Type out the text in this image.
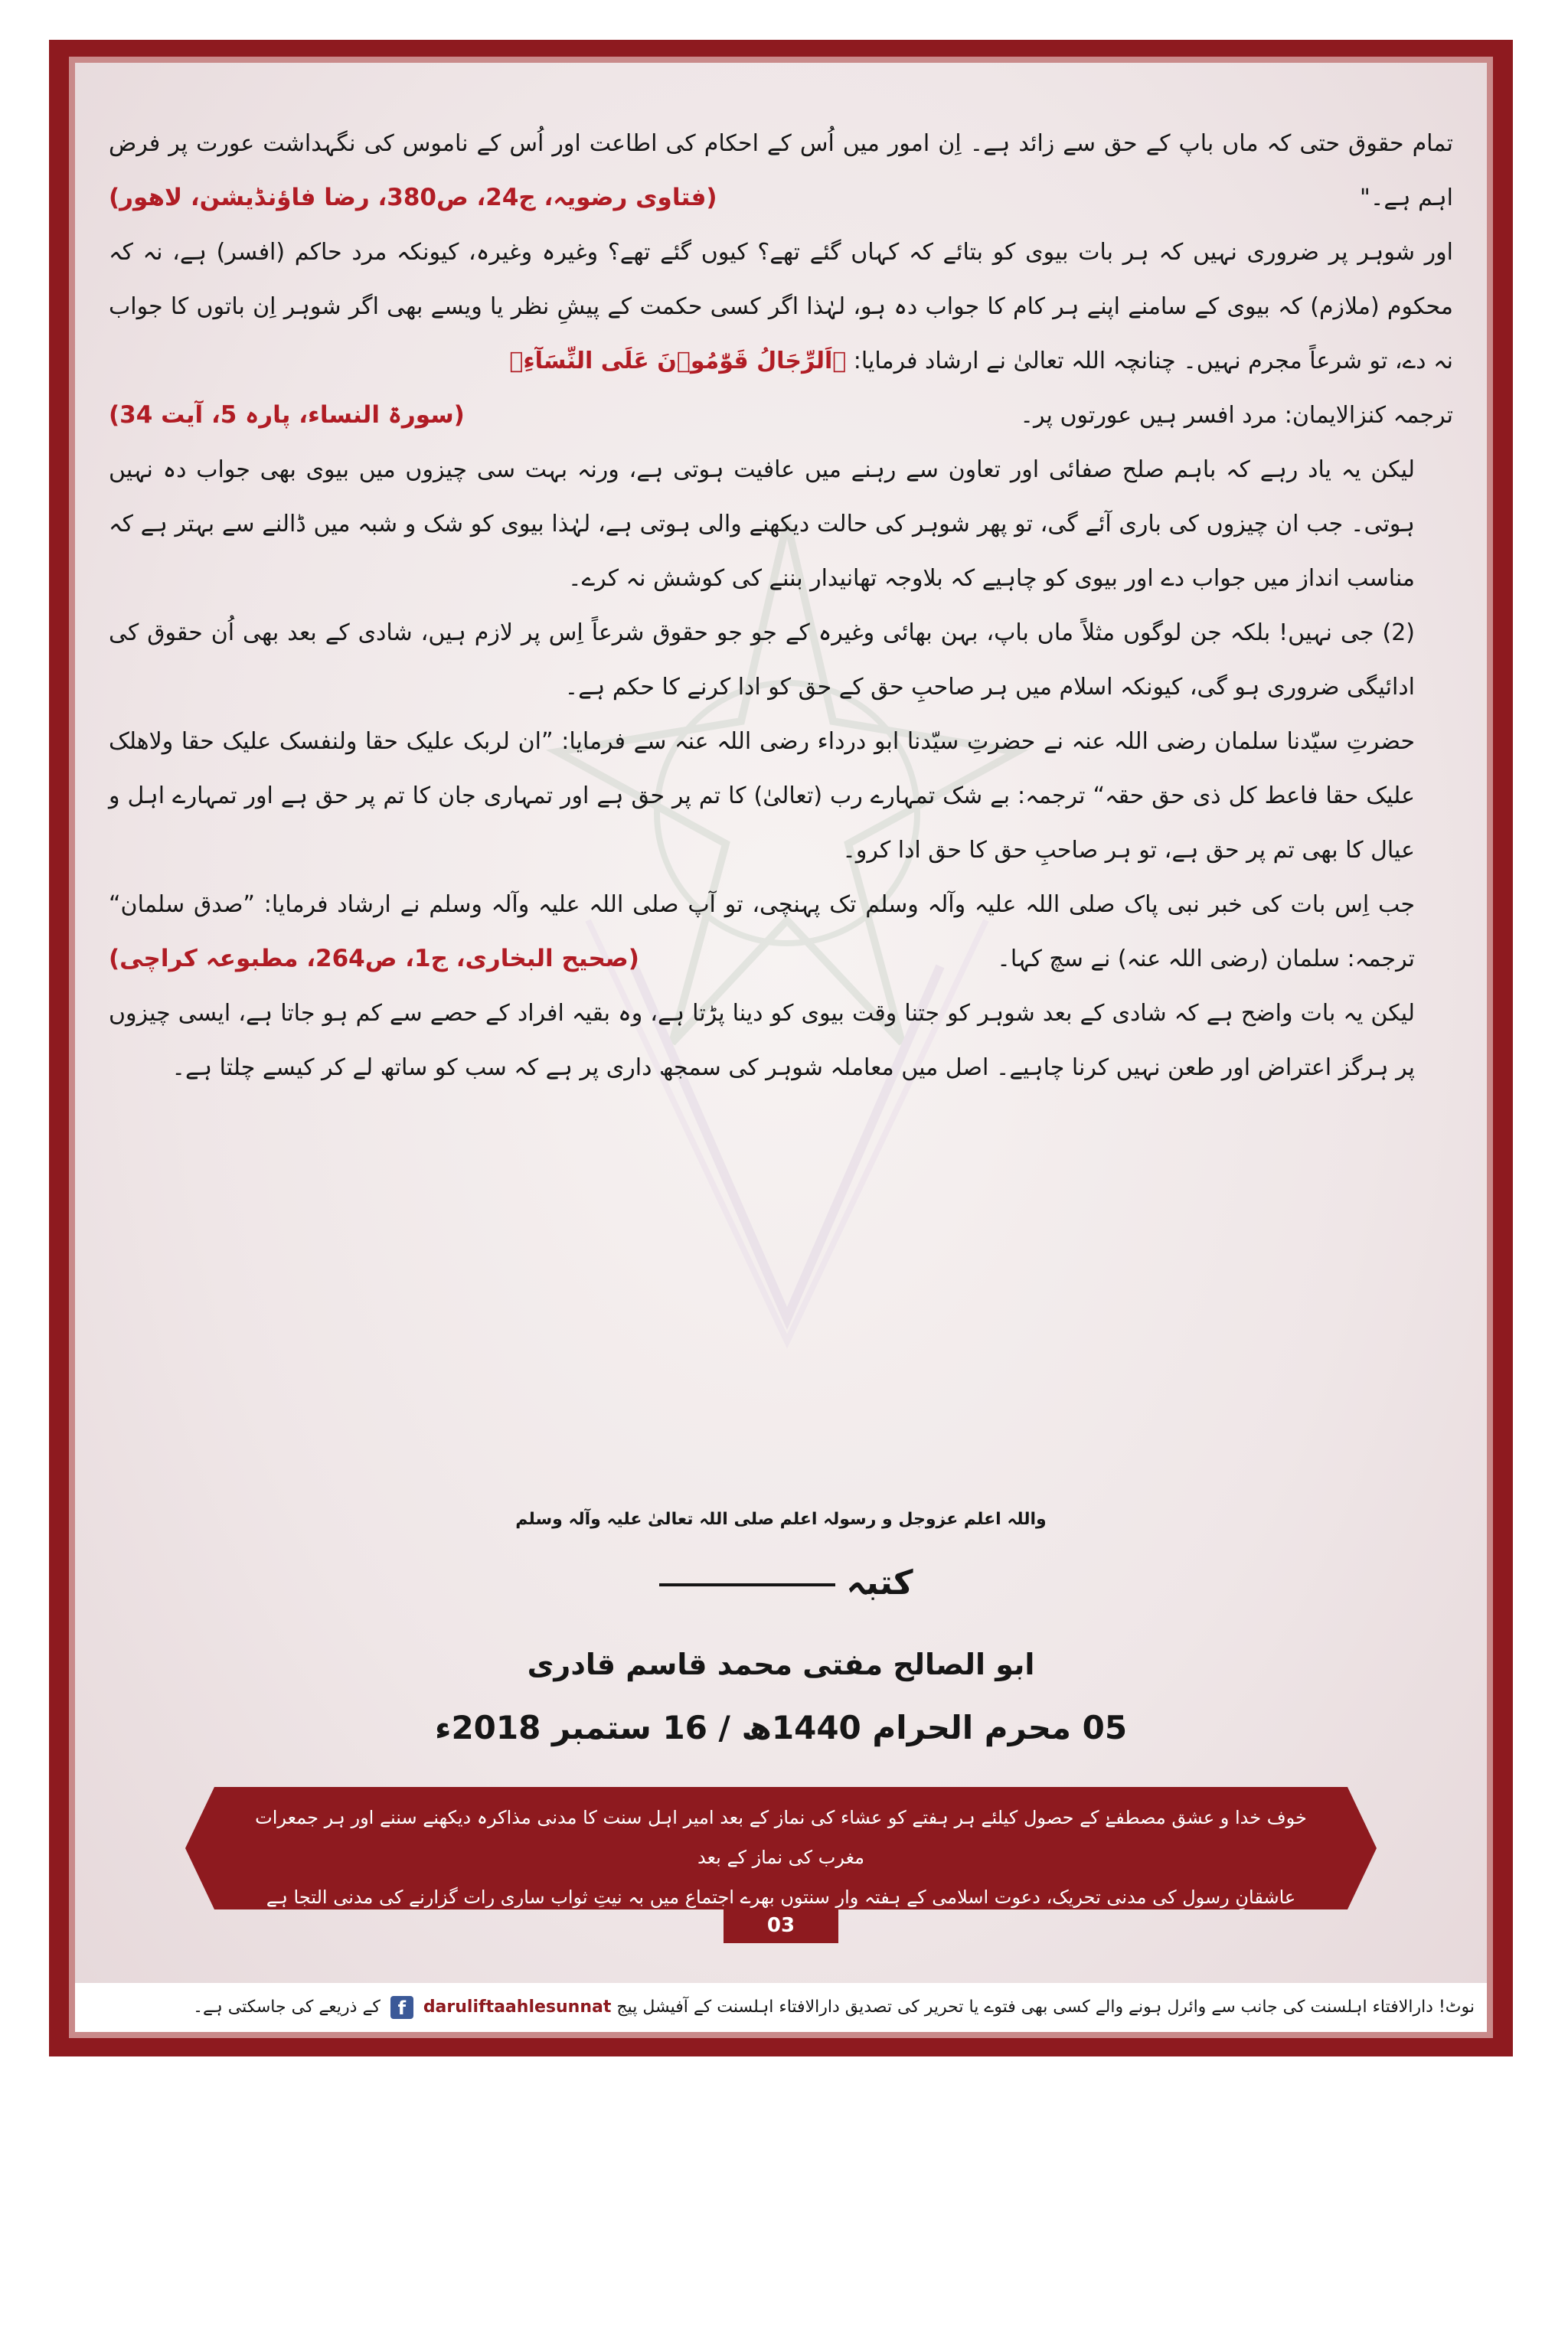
تمام حقوق حتی کہ ماں باپ کے حق سے زائد ہے۔ اِن امور میں اُس کے احکام کی اطاعت اور اُس کے ناموس کی نگہداشت عورت پر فرض اہم ہے۔"
(فتاوی رضویہ، ج24، ص380، رضا فاؤنڈیشن، لاھور)

اور شوہر پر ضروری نہیں کہ ہر بات بیوی کو بتائے کہ کہاں گئے تھے؟ کیوں گئے تھے؟ وغیرہ وغیرہ، کیونکہ مرد حاکم (افسر) ہے، نہ کہ محکوم (ملازم) کہ بیوی کے سامنے اپنے ہر کام کا جواب دہ ہو، لہٰذا اگر کسی حکمت کے پیشِ نظر یا ویسے بھی اگر شوہر اِن باتوں کا جواب نہ دے، تو شرعاً مجرم نہیں۔ چنانچہ اللہ تعالیٰ نے ارشاد فرمایا: ﴿اَلرِّجَالُ قَوّٰمُوۡنَ عَلَی النِّسَآءِ﴾

ترجمہ کنزالایمان: مرد افسر ہیں عورتوں پر۔
(سورۃ النساء، پارہ 5، آیت 34)

لیکن یہ یاد رہے کہ باہم صلح صفائی اور تعاون سے رہنے میں عافیت ہوتی ہے، ورنہ بہت سی چیزوں میں بیوی بھی جواب دہ نہیں ہوتی۔ جب ان چیزوں کی باری آئے گی، تو پھر شوہر کی حالت دیکھنے والی ہوتی ہے، لہٰذا بیوی کو شک و شبہ میں ڈالنے سے بہتر ہے کہ مناسب انداز میں جواب دے اور بیوی کو چاہیے کہ بلاوجہ تھانیدار بننے کی کوشش نہ کرے۔

(2) جی نہیں! بلکہ جن لوگوں مثلاً ماں باپ، بہن بھائی وغیرہ کے جو جو حقوق شرعاً اِس پر لازم ہیں، شادی کے بعد بھی اُن حقوق کی ادائیگی ضروری ہو گی، کیونکہ اسلام میں ہر صاحبِ حق کے حق کو ادا کرنے کا حکم ہے۔

حضرتِ سیّدنا سلمان رضی اللہ عنہ نے حضرتِ سیّدنا ابو درداء رضی اللہ عنہ سے فرمایا: ”ان لربک علیک حقا ولنفسک علیک حقا ولاھلک علیک حقا فاعط کل ذی حق حقہ“ ترجمہ: بے شک تمہارے رب (تعالیٰ) کا تم پر حق ہے اور تمہاری جان کا تم پر حق ہے اور تمہارے اہل و عیال کا بھی تم پر حق ہے، تو ہر صاحبِ حق کا حق ادا کرو۔

جب اِس بات کی خبر نبی پاک صلی اللہ علیہ وآلہ وسلم تک پہنچی، تو آپ صلی اللہ علیہ وآلہ وسلم نے ارشاد فرمایا: ”صدق سلمان“ ترجمہ: سلمان (رضی اللہ عنہ) نے سچ کہا۔
(صحیح البخاری، ج1، ص264، مطبوعہ کراچی)

لیکن یہ بات واضح ہے کہ شادی کے بعد شوہر کو جتنا وقت بیوی کو دینا پڑتا ہے، وہ بقیہ افراد کے حصے سے کم ہو جاتا ہے، ایسی چیزوں پر ہرگز اعتراض اور طعن نہیں کرنا چاہیے۔ اصل میں معاملہ شوہر کی سمجھ داری پر ہے کہ سب کو ساتھ لے کر کیسے چلتا ہے۔

واللہ اعلم عزوجل و رسولہ اعلم صلی اللہ تعالیٰ علیہ وآلہ وسلم
کتبہ
ابو الصالح مفتی محمد قاسم قادری
05 محرم الحرام 1440ھ / 16 ستمبر 2018ء
خوف خدا و عشق مصطفےٰ کے حصول کیلئے ہر ہفتے کو عشاء کی نماز کے بعد امیر اہل سنت کا مدنی مذاکرہ دیکھنے سننے اور ہر جمعرات مغرب کی نماز کے بعد
عاشقانِ رسول کی مدنی تحریک، دعوت اسلامی کے ہفتہ وار سنتوں بھرے اجتماع میں بہ نیتِ ثواب ساری رات گزارنے کی مدنی التجا ہے
03
نوٹ! دارالافتاء اہلسنت کی جانب سے وائرل ہونے والے کسی بھی فتوے یا تحریر کی تصدیق دارالافتاء اہلسنت کے آفیشل پیج daruliftaahlesunnat f کے ذریعے کی جاسکتی ہے۔
